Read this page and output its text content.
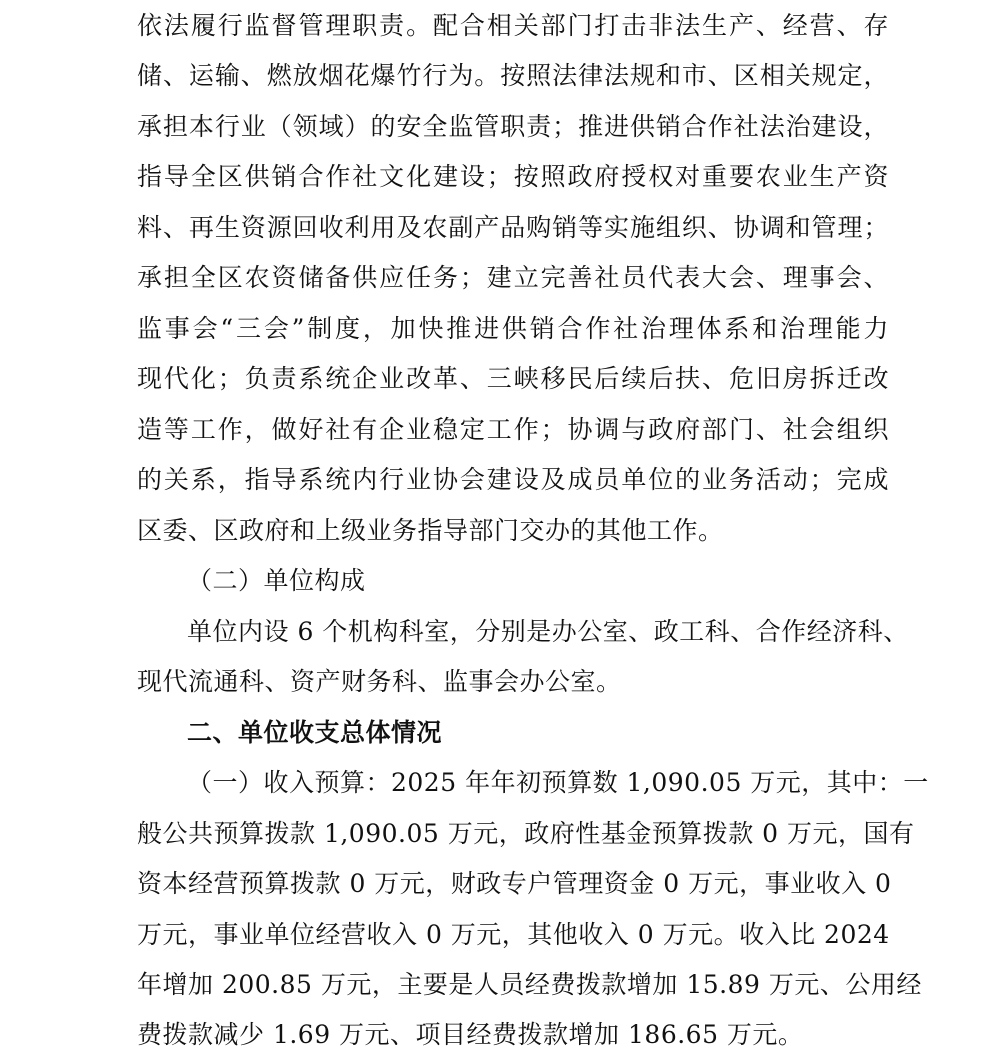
依法履行监督管理职责。配合相关部门打击非法生产、经营、存
储、运输、燃放烟花爆竹行为。按照法律法规和市、区相关规定，
承担本行业（领域）的安全监管职责；推进供销合作社法治建设，
指导全区供销合作社文化建设；按照政府授权对重要农业生产资
料、再生资源回收利用及农副产品购销等实施组织、协调和管理；
承担全区农资储备供应任务；建立完善社员代表大会、理事会、
监事会“三会”制度，加快推进供销合作社治理体系和治理能力
现代化；负责系统企业改革、三峡移民后续后扶、危旧房拆迁改
造等工作，做好社有企业稳定工作；协调与政府部门、社会组织
的关系，指导系统内行业协会建设及成员单位的业务活动；完成
区委、区政府和上级业务指导部门交办的其他工作。
（二）单位构成
单位内设 6 个机构科室，分别是办公室、政工科、合作经济科、
现代流通科、资产财务科、监事会办公室。
二、单位收支总体情况
（一）收入预算：2025 年年初预算数 1,090.05 万元，其中：一
般公共预算拨款 1,090.05 万元，政府性基金预算拨款 0 万元，国有
资本经营预算拨款 0 万元，财政专户管理资金 0 万元，事业收入 0
万元，事业单位经营收入 0 万元，其他收入 0 万元。收入比 2024
年增加 200.85 万元，主要是人员经费拨款增加 15.89 万元、公用经
费拨款减少 1.69 万元、项目经费拨款增加 186.65 万元。
